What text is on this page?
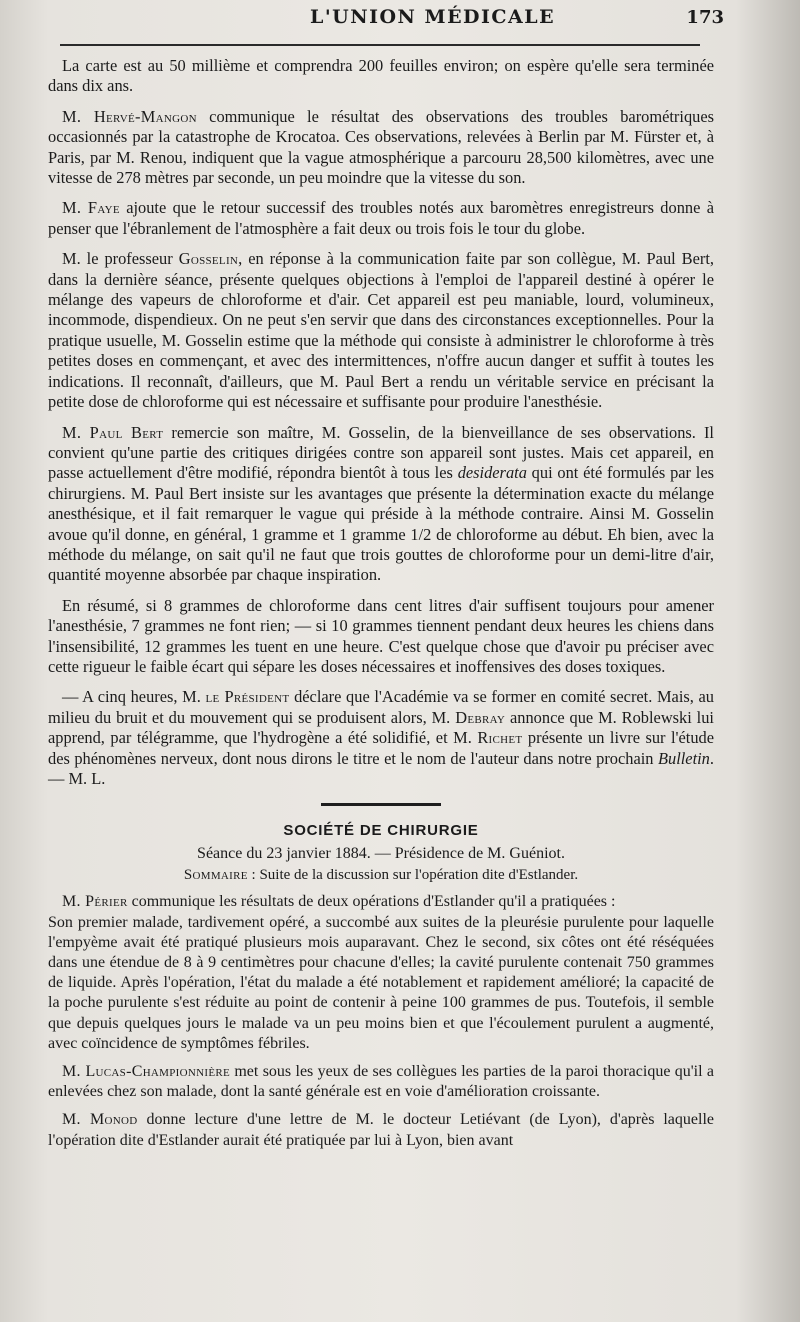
L'UNION MÉDICALE	173

La carte est au 50 millième et comprendra 200 feuilles environ; on espère qu'elle sera terminée dans dix ans.

M. Hervé-Mangon communique le résultat des observations des troubles barométriques occasionnés par la catastrophe de Krocatoa. Ces observations, relevées à Berlin par M. Fürster et, à Paris, par M. Renou, indiquent que la vague atmosphérique a parcouru 28,500 kilomètres, avec une vitesse de 278 mètres par seconde, un peu moindre que la vitesse du son.

M. Faye ajoute que le retour successif des troubles notés aux baromètres enregistreurs donne à penser que l'ébranlement de l'atmosphère a fait deux ou trois fois le tour du globe.

M. le professeur Gosselin, en réponse à la communication faite par son collègue, M. Paul Bert, dans la dernière séance, présente quelques objections à l'emploi de l'appareil destiné à opérer le mélange des vapeurs de chloroforme et d'air. Cet appareil est peu maniable, lourd, volumineux, incommode, dispendieux. On ne peut s'en servir que dans des circonstances exceptionnelles. Pour la pratique usuelle, M. Gosselin estime que la méthode qui consiste à administrer le chloroforme à très petites doses en commençant, et avec des intermittences, n'offre aucun danger et suffit à toutes les indications. Il reconnaît, d'ailleurs, que M. Paul Bert a rendu un véritable service en précisant la petite dose de chloroforme qui est nécessaire et suffisante pour produire l'anesthésie.

M. Paul Bert remercie son maître, M. Gosselin, de la bienveillance de ses observations. Il convient qu'une partie des critiques dirigées contre son appareil sont justes. Mais cet appareil, en passe actuellement d'être modifié, répondra bientôt à tous les desiderata qui ont été formulés par les chirurgiens. M. Paul Bert insiste sur les avantages que présente la détermination exacte du mélange anesthésique, et il fait remarquer le vague qui préside à la méthode contraire. Ainsi M. Gosselin avoue qu'il donne, en général, 1 gramme et 1 gramme 1/2 de chloroforme au début. Eh bien, avec la méthode du mélange, on sait qu'il ne faut que trois gouttes de chloroforme pour un demi-litre d'air, quantité moyenne absorbée par chaque inspiration.

En résumé, si 8 grammes de chloroforme dans cent litres d'air suffisent toujours pour amener l'anesthésie, 7 grammes ne font rien; — si 10 grammes tiennent pendant deux heures les chiens dans l'insensibilité, 12 grammes les tuent en une heure. C'est quelque chose que d'avoir pu préciser avec cette rigueur le faible écart qui sépare les doses nécessaires et inoffensives des doses toxiques.

— A cinq heures, M. le Président déclare que l'Académie va se former en comité secret. Mais, au milieu du bruit et du mouvement qui se produisent alors, M. Debray annonce que M. Roblewski lui apprend, par télégramme, que l'hydrogène a été solidifié, et M. Richet présente un livre sur l'étude des phénomènes nerveux, dont nous dirons le titre et le nom de l'auteur dans notre prochain Bulletin. — M. L.

SOCIÉTÉ DE CHIRURGIE
Séance du 23 janvier 1884. — Présidence de M. Guéniot.
Sommaire : Suite de la discussion sur l'opération dite d'Estlander.

M. Périer communique les résultats de deux opérations d'Estlander qu'il a pratiquées :
Son premier malade, tardivement opéré, a succombé aux suites de la pleurésie purulente pour laquelle l'empyème avait été pratiqué plusieurs mois auparavant. Chez le second, six côtes ont été réséquées dans une étendue de 8 à 9 centimètres pour chacune d'elles; la cavité purulente contenait 750 grammes de liquide. Après l'opération, l'état du malade a été notablement et rapidement amélioré; la capacité de la poche purulente s'est réduite au point de contenir à peine 100 grammes de pus. Toutefois, il semble que depuis quelques jours le malade va un peu moins bien et que l'écoulement purulent a augmenté, avec coïncidence de symptômes fébriles.

M. Lucas-Championnière met sous les yeux de ses collègues les parties de la paroi thoracique qu'il a enlevées chez son malade, dont la santé générale est en voie d'amélioration croissante.

M. Monod donne lecture d'une lettre de M. le docteur Letiévant (de Lyon), d'après laquelle l'opération dite d'Estlander aurait été pratiquée par lui à Lyon, bien avant
